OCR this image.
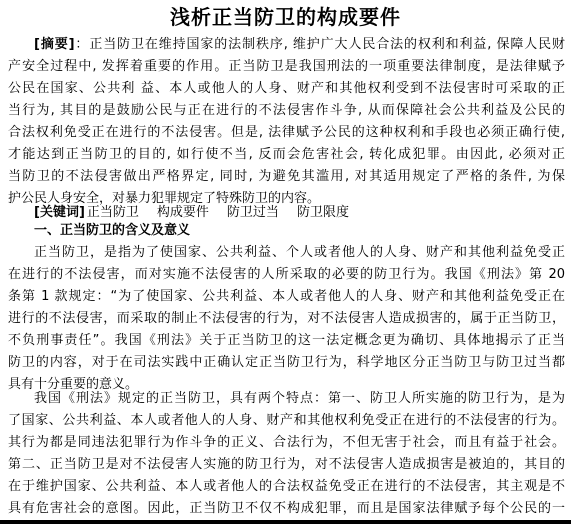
浅析正当防卫的构成要件
[摘要]：正当防卫在维持国家的法制秩序, 维护广大人民合法的权利和利益, 保障人民财
产安全过程中, 发挥着重要的作用。正当防卫是我国刑法的一项重要法律制度，是法律赋予
公民在国家、公共利 益、本人或他人的人身、财产和其他权利受到不法侵害时可采取的正
当行为, 其目的是鼓励公民与正在进行的不法侵害作斗争, 从而保障社会公共利益及公民的
合法权利免受正在进行的不法侵害。但是, 法律赋予公民的这种权利和手段也必须正确行使,
才能达到正当防卫的目的, 如行使不当, 反而会危害社会, 转化成犯罪。由因此, 必须对正
当防卫的不法侵害做出严格界定, 同时, 为避免其滥用, 对其适用规定了严格的条件, 为保
护公民人身安全，对暴力犯罪规定了特殊防卫的内容。
[关键词] 正当防卫 构成要件 防卫过当 防卫限度
一、正当防卫的含义及意义
正当防卫，是指为了使国家、公共利益、个人或者他人的人身、财产和其他利益免受正
在进行的不法侵害，而对实施不法侵害的人所采取的必要的防卫行为。我国《刑法》第 20
条第 1 款规定：“为了使国家、公共利益、本人或者他人的人身、财产和其他利益免受正在
进行的不法侵害，而采取的制止不法侵害的行为，对不法侵害人造成损害的，属于正当防卫，
不负刑事责任”。我国《刑法》关于正当防卫的这一法定概念更为确切、具体地揭示了正当
防卫的内容，对于在司法实践中正确认定正当防卫行为，科学地区分正当防卫与防卫过当都
具有十分重要的意义。
我国《刑法》规定的正当防卫，具有两个特点：第一、防卫人所实施的防卫行为，是为
了国家、公共利益、本人或者他人的人身、财产和其他权利免受正在进行的不法侵害的行为。
其行为都是同违法犯罪行为作斗争的正义、合法行为，不但无害于社会，而且有益于社会。
第二、正当防卫是对不法侵害人实施的防卫行为，对不法侵害人造成损害是被迫的，其目的
在于维护国家、公共利益、本人或者他人的合法权益免受正在进行的不法侵害，其主观是不
具有危害社会的意图。因此，正当防卫不仅不构成犯罪，而且是国家法律赋予每个公民的一
